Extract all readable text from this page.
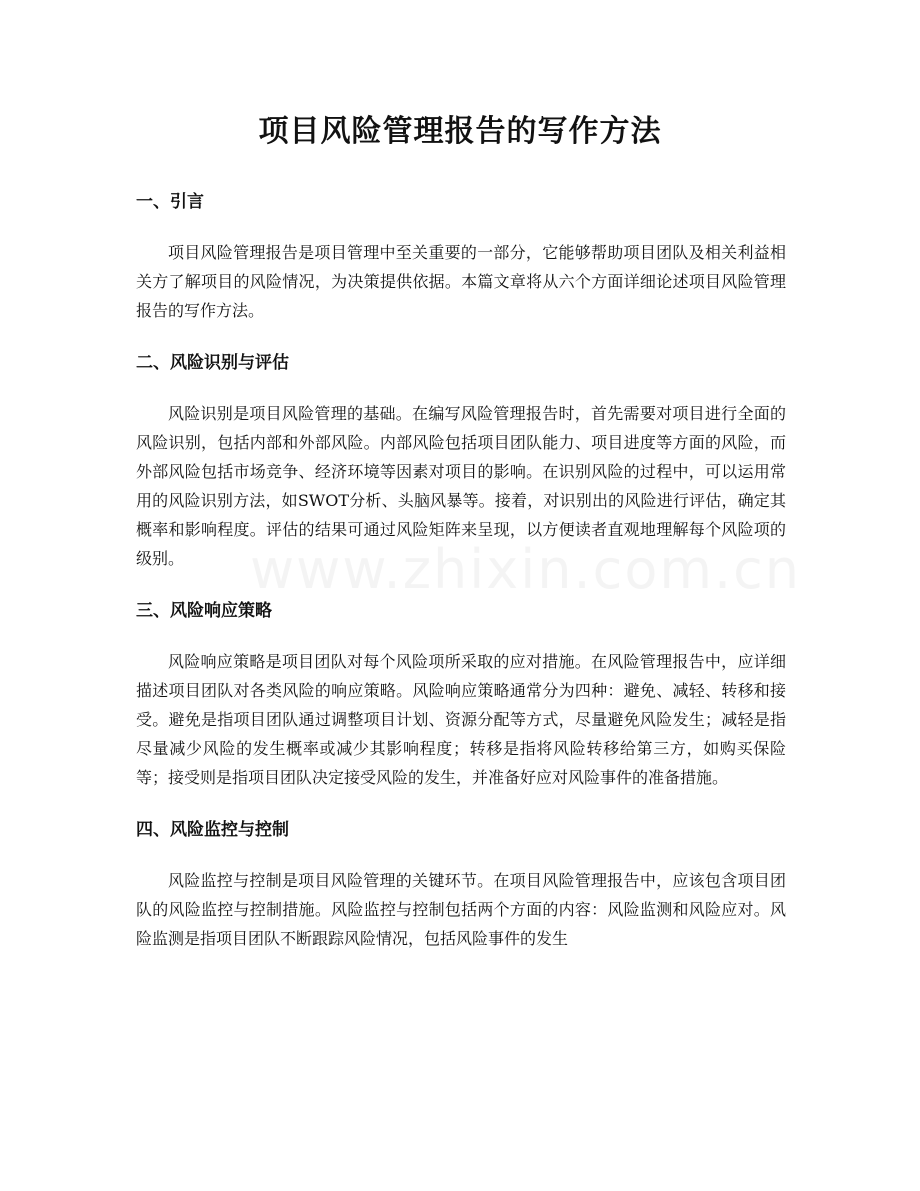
项目风险管理报告的写作方法
一、引言

项目风险管理报告是项目管理中至关重要的一部分，它能够帮助项目团队及相关利益相关方了解项目的风险情况，为决策提供依据。本篇文章将从六个方面详细论述项目风险管理报告的写作方法。

二、风险识别与评估

风险识别是项目风险管理的基础。在编写风险管理报告时，首先需要对项目进行全面的风险识别，包括内部和外部风险。内部风险包括项目团队能力、项目进度等方面的风险，而外部风险包括市场竞争、经济环境等因素对项目的影响。在识别风险的过程中，可以运用常用的风险识别方法，如SWOT分析、头脑风暴等。接着，对识别出的风险进行评估，确定其概率和影响程度。评估的结果可通过风险矩阵来呈现，以方便读者直观地理解每个风险项的级别。

三、风险响应策略

风险响应策略是项目团队对每个风险项所采取的应对措施。在风险管理报告中，应详细描述项目团队对各类风险的响应策略。风险响应策略通常分为四种：避免、减轻、转移和接受。避免是指项目团队通过调整项目计划、资源分配等方式，尽量避免风险发生；减轻是指尽量减少风险的发生概率或减少其影响程度；转移是指将风险转移给第三方，如购买保险等；接受则是指项目团队决定接受风险的发生，并准备好应对风险事件的准备措施。

四、风险监控与控制

风险监控与控制是项目风险管理的关键环节。在项目风险管理报告中，应该包含项目团队的风险监控与控制措施。风险监控与控制包括两个方面的内容：风险监测和风险应对。风险监测是指项目团队不断跟踪风险情况，包括风险事件的发生

www.zhixin.com.cn
